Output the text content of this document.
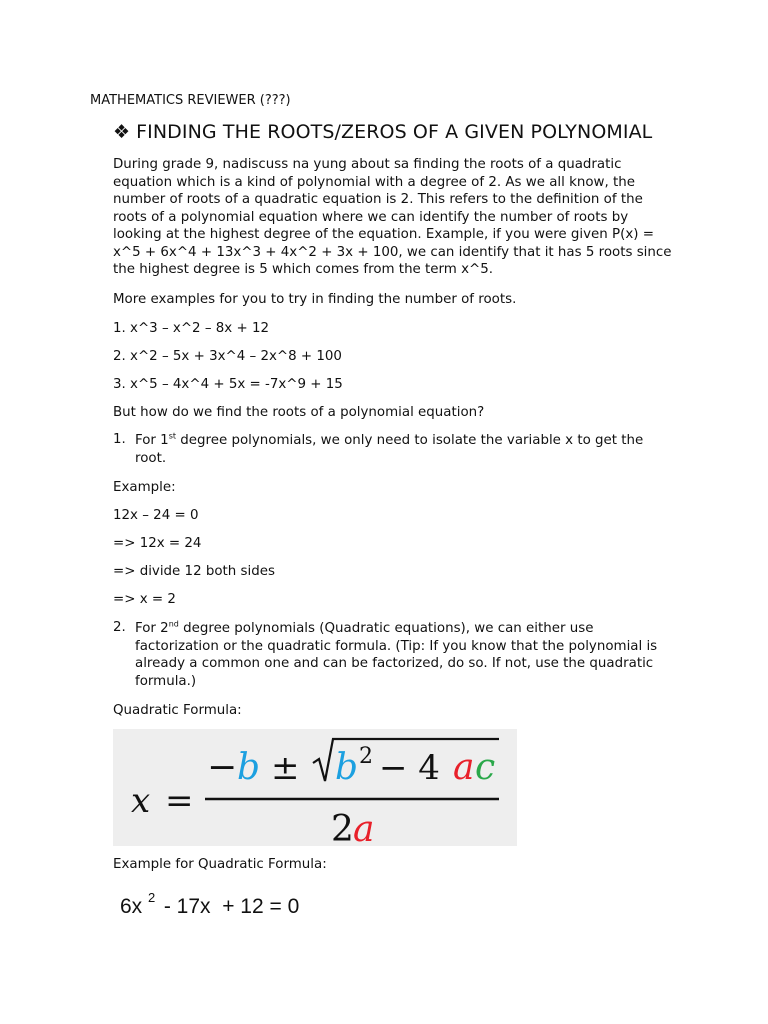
MATHEMATICS REVIEWER (???)
❖ FINDING THE ROOTS/ZEROS OF A GIVEN POLYNOMIAL
During grade 9, nadiscuss na yung about sa finding the roots of a quadratic equation which is a kind of polynomial with a degree of 2. As we all know, the number of roots of a quadratic equation is 2. This refers to the definition of the roots of a polynomial equation where we can identify the number of roots by looking at the highest degree of the equation. Example, if you were given P(x) = x^5 + 6x^4 + 13x^3 + 4x^2 + 3x + 100, we can identify that it has 5 roots since the highest degree is 5 which comes from the term x^5.
More examples for you to try in finding the number of roots.
1. x^3 – x^2 – 8x + 12
2. x^2 – 5x + 3x^4 – 2x^8 + 100
3. x^5 – 4x^4 + 5x = -7x^9 + 15
But how do we find the roots of a polynomial equation?
1. For 1st degree polynomials, we only need to isolate the variable x to get the root.
Example:
12x – 24 = 0
=> 12x = 24
=> divide 12 both sides
=> x = 2
2. For 2nd degree polynomials (Quadratic equations), we can either use factorization or the quadratic formula. (Tip: If you know that the polynomial is already a common one and can be factorized, do so. If not, use the quadratic formula.)
Quadratic Formula:
x =
− b ± b 2 − 4 a c
2 a
Example for Quadratic Formula:
6x 2 - 17x  + 12 = 0
